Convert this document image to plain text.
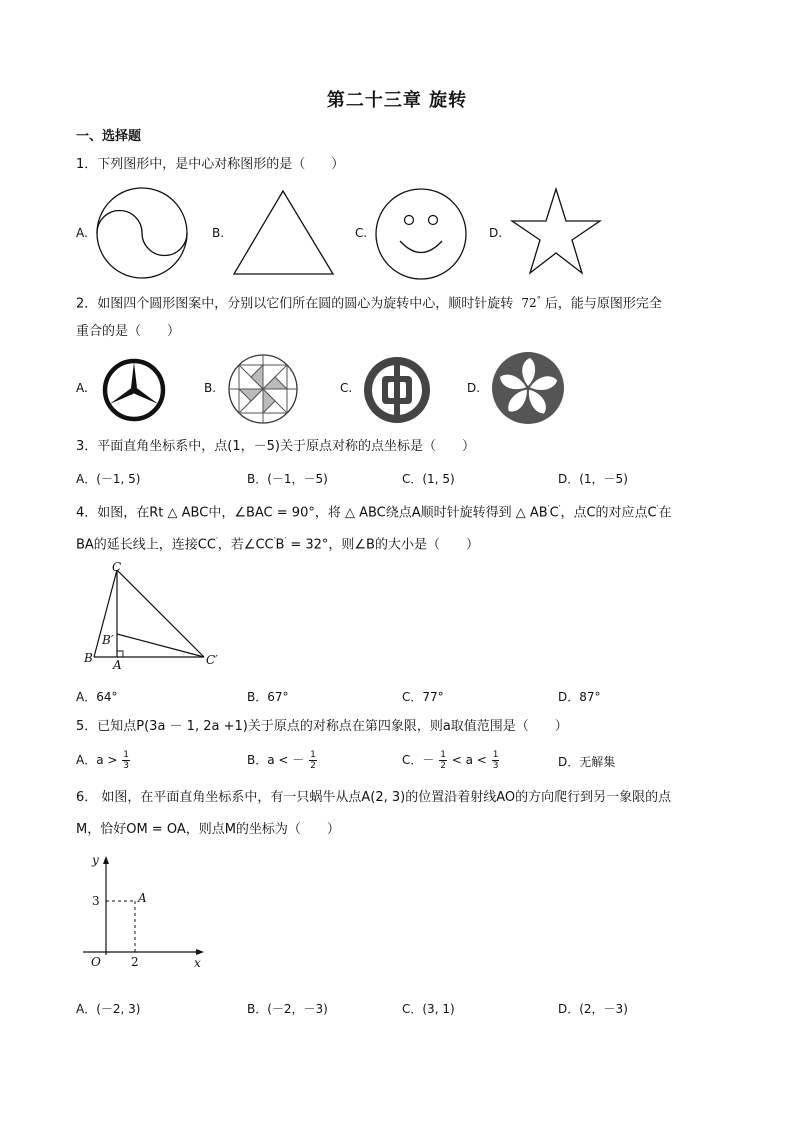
第二十三章 旋转
一、选择题
1．下列图形中，是中心对称图形的是（　　）
A.	B.	C.	D.
2．如图四个圆形图案中，分别以它们所在圆的圆心为旋转中心，顺时针旋转 72° 后，能与原图形完全
重合的是（　　）
A.	B.	C.	D.
3．平面直角坐标系中，点(1，－5)关于原点对称的点坐标是（　　）
A．(－1, 5)	B．(－1，－5)	C．(1, 5)	D．(1，－5)
4．如图，在Rt △ ABC中，∠BAC = 90°，将 △ ABC绕点A顺时针旋转得到 △ AB′C′，点C的对应点C′在
BA的延长线上，连接CC′，若∠CC′B′ = 32°，则∠B的大小是（　　）
C
B′
B A	C′
A．64°	B．67°	C．77°	D．87°
5．已知点P(3a － 1, 2a +1)关于原点的对称点在第四象限，则a取值范围是（　　）
A．$a > \frac{1}{3}$	B．a < － $\frac{1}{2}$	C．－ $\frac{1}{2} < a < \frac{1}{3}$	D．无解集
6． 如图，在平面直角坐标系中，有一只蜗牛从点A(2, 3)的位置沿着射线AO的方向爬行到另一象限的点
M，恰好OM = OA，则点M的坐标为（　　）
y
x
O
3
2
A
A．(－2, 3)	B．(－2，－3)	C．(3, 1)	D．(2，－3)
